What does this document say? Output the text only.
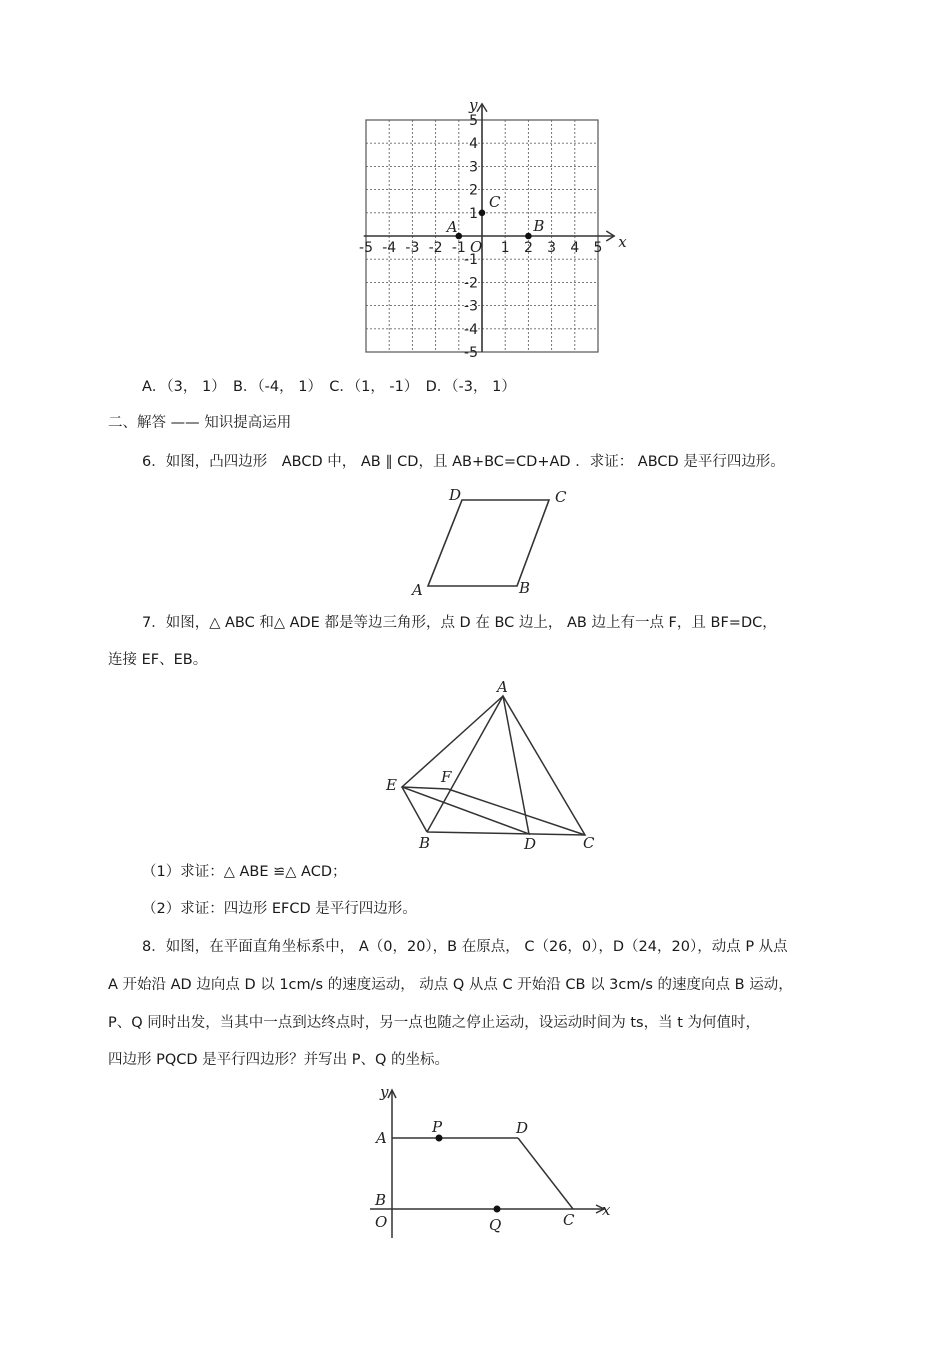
x
y
O
-5 -4 -3 -2 -1 1 2 3 4 5
5
4
3
2
1
-1
-2
-3
-4
-5
A	B
C
A．（3， 1）　B．（-4， 1）　C．（1， -1）　D．（-3， 1）
二、解答 —— 知识提高运用
6．如图，凸四边形　ABCD 中， AB ∥ CD，且 AB+BC=CD+AD ．求证： ABCD 是平行四边形。
A	B
C
D
7．如图，△ ABC 和△ ADE 都是等边三角形，点 D 在 BC 边上， AB 边上有一点 F，且 BF=DC，
连接 EF、EB。
A
B	C
D
E	F
（1）求证：△ ABE ≌△ ACD；
（2）求证：四边形 EFCD 是平行四边形。
8．如图，在平面直角坐标系中， A（0，20），B 在原点， C（26，0），D（24，20），动点 P 从点
A 开始沿 AD 边向点 D 以 1cm/s 的速度运动， 动点 Q 从点 C 开始沿 CB 以 3cm/s 的速度向点 B 运动，
P、Q 同时出发，当其中一点到达终点时，另一点也随之停止运动，设运动时间为 ts，当 t 为何值时，
四边形 PQCD 是平行四边形？并写出 P、Q 的坐标。
y
x
A
B
O
P	D
Q	C
